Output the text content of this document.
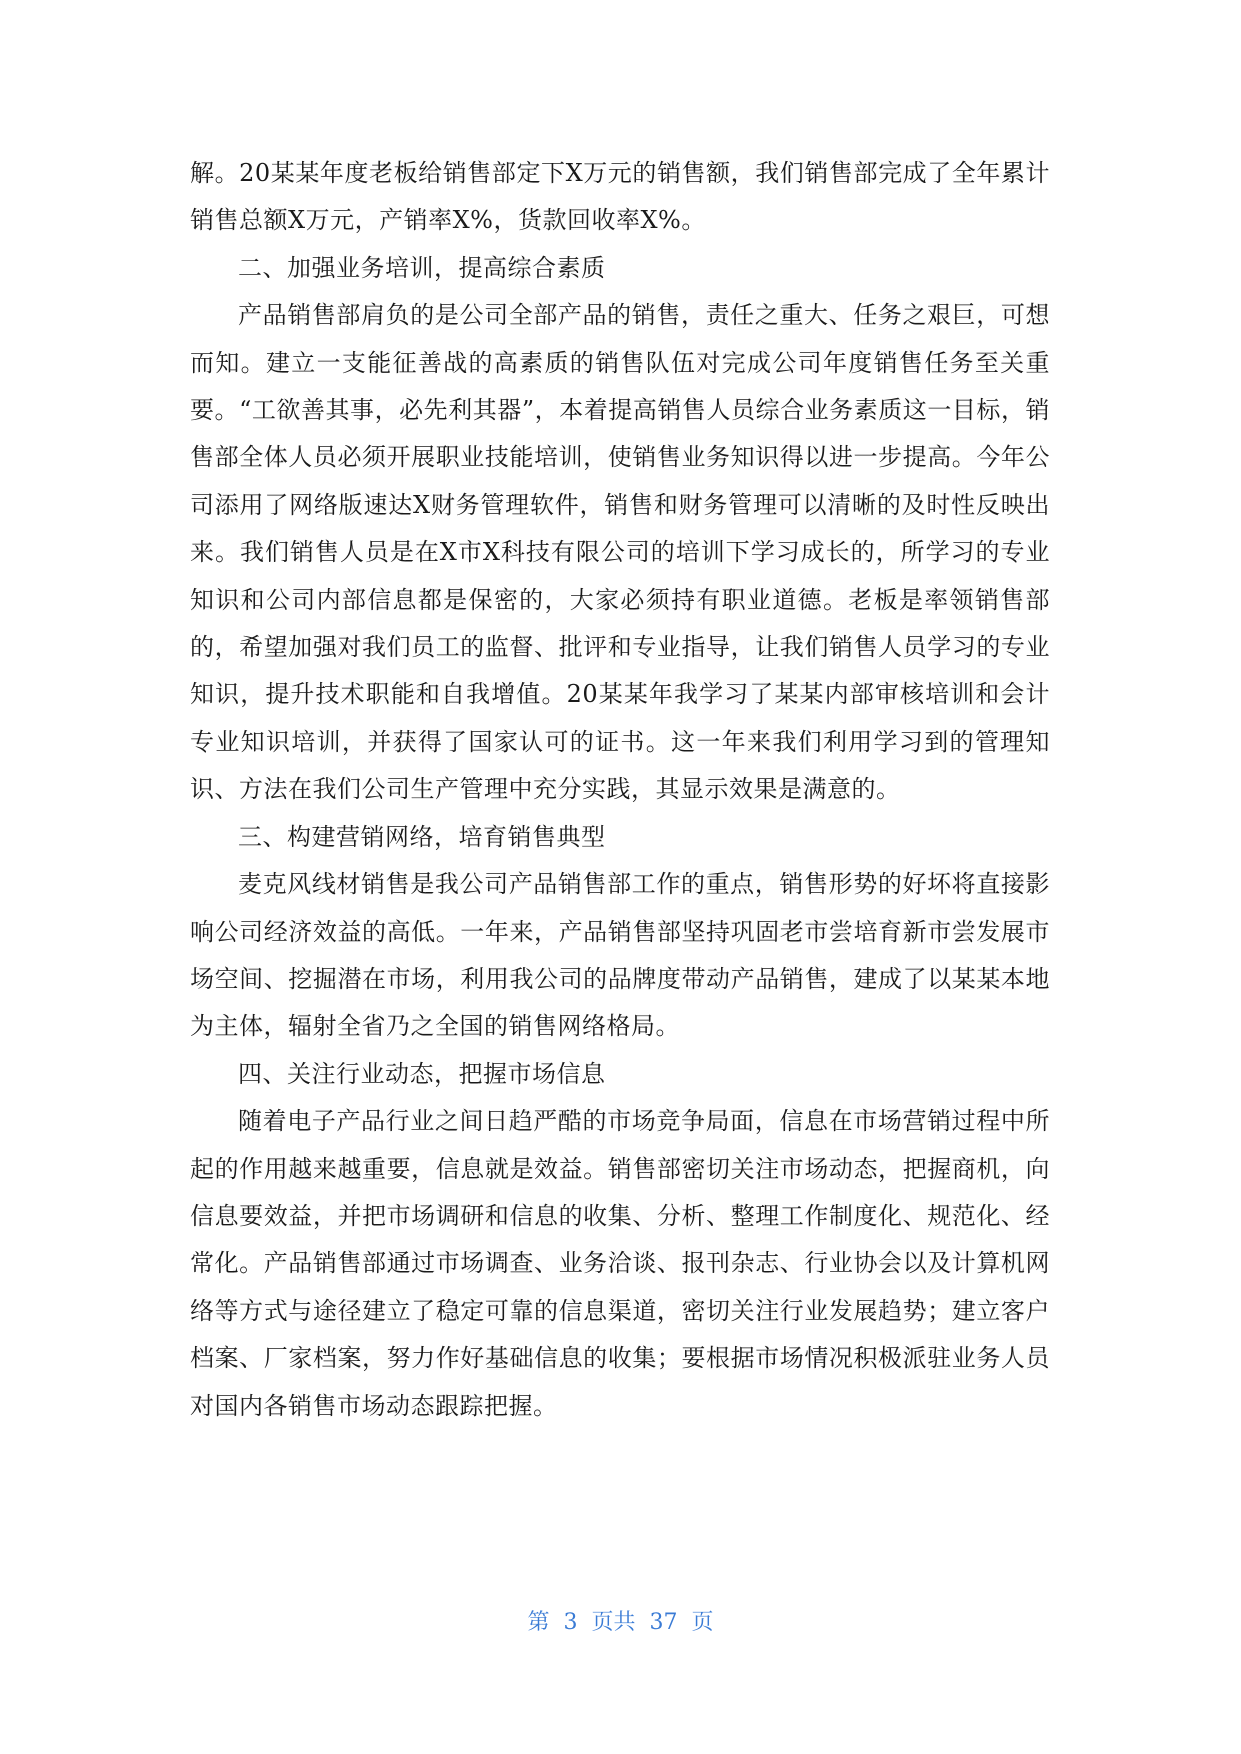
解。20某某年度老板给销售部定下X万元的销售额，我们销售部完成了全年累计销售总额X万元，产销率X%，货款回收率X%。

二、加强业务培训，提高综合素质

产品销售部肩负的是公司全部产品的销售，责任之重大、任务之艰巨，可想而知。建立一支能征善战的高素质的销售队伍对完成公司年度销售任务至关重要。“工欲善其事，必先利其器”，本着提高销售人员综合业务素质这一目标，销售部全体人员必须开展职业技能培训，使销售业务知识得以进一步提高。今年公司添用了网络版速达X财务管理软件，销售和财务管理可以清晰的及时性反映出来。我们销售人员是在X市X科技有限公司的培训下学习成长的，所学习的专业知识和公司内部信息都是保密的，大家必须持有职业道德。老板是率领销售部的，希望加强对我们员工的监督、批评和专业指导，让我们销售人员学习的专业知识，提升技术职能和自我增值。20某某年我学习了某某内部审核培训和会计专业知识培训，并获得了国家认可的证书。这一年来我们利用学习到的管理知识、方法在我们公司生产管理中充分实践，其显示效果是满意的。

三、构建营销网络，培育销售典型

麦克风线材销售是我公司产品销售部工作的重点，销售形势的好坏将直接影响公司经济效益的高低。一年来，产品销售部坚持巩固老市尝培育新市尝发展市场空间、挖掘潜在市场，利用我公司的品牌度带动产品销售，建成了以某某本地为主体，辐射全省乃之全国的销售网络格局。

四、关注行业动态，把握市场信息

随着电子产品行业之间日趋严酷的市场竞争局面，信息在市场营销过程中所起的作用越来越重要，信息就是效益。销售部密切关注市场动态，把握商机，向信息要效益，并把市场调研和信息的收集、分析、整理工作制度化、规范化、经常化。产品销售部通过市场调查、业务洽谈、报刊杂志、行业协会以及计算机网络等方式与途径建立了稳定可靠的信息渠道，密切关注行业发展趋势；建立客户档案、厂家档案，努力作好基础信息的收集；要根据市场情况积极派驻业务人员对国内各销售市场动态跟踪把握。

第 3 页共 37 页
